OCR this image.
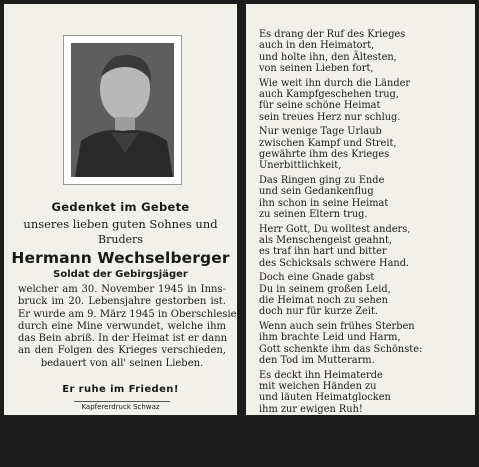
Gedenket im Gebete
unseres lieben guten Sohnes und
Bruders
Hermann Wechselberger
Soldat der Gebirgsjäger
welcher am 30. November 1945 in Inns-
bruck im 20. Lebensjahre gestorben ist.
Er wurde am 9. März 1945 in Oberschlesien
durch eine Mine verwundet, welche ihm
das Bein abriß. In der Heimat ist er dann
an den Folgen des Krieges verschieden,
bedauert von all' seinen Lieben.
Er ruhe im Frieden!
Kapfererdruck Schwaz
Es drang der Ruf des Krieges
auch in den Heimatort,
und holte ihn, den Ältesten,
von seinen Lieben fort,
Wie weit ihn durch die Länder
auch Kampfgeschehen trug,
für seine schöne Heimat
sein treues Herz nur schlug.
Nur wenige Tage Urlaub
zwischen Kampf und Streit,
gewährte ihm des Krieges
Unerbittlichkeit,
Das Ringen ging zu Ende
und sein Gedankenflug
ihn schon in seine Heimat
zu seinen Eltern trug.
Herr Gott, Du wolltest anders,
als Menschengeist geahnt,
es traf ihn hart und bitter
des Schicksals schwere Hand.
Doch eine Gnade gabst
Du in seinem großen Leid,
die Heimat noch zu sehen
doch nur für kurze Zeit.
Wenn auch sein frühes Sterben
ihm brachte Leid und Harm,
Gott schenkte ihm das Schönste:
den Tod im Mutterarm.
Es deckt ihn Heimaterde
mit weichen Händen zu
und läuten Heimatglocken
ihm zur ewigen Ruh!
An Deinem Grab wir beten,
für Dich in ewigem Licht
und werden Dich einst sehen,
wenn uns das Auge bricht!
